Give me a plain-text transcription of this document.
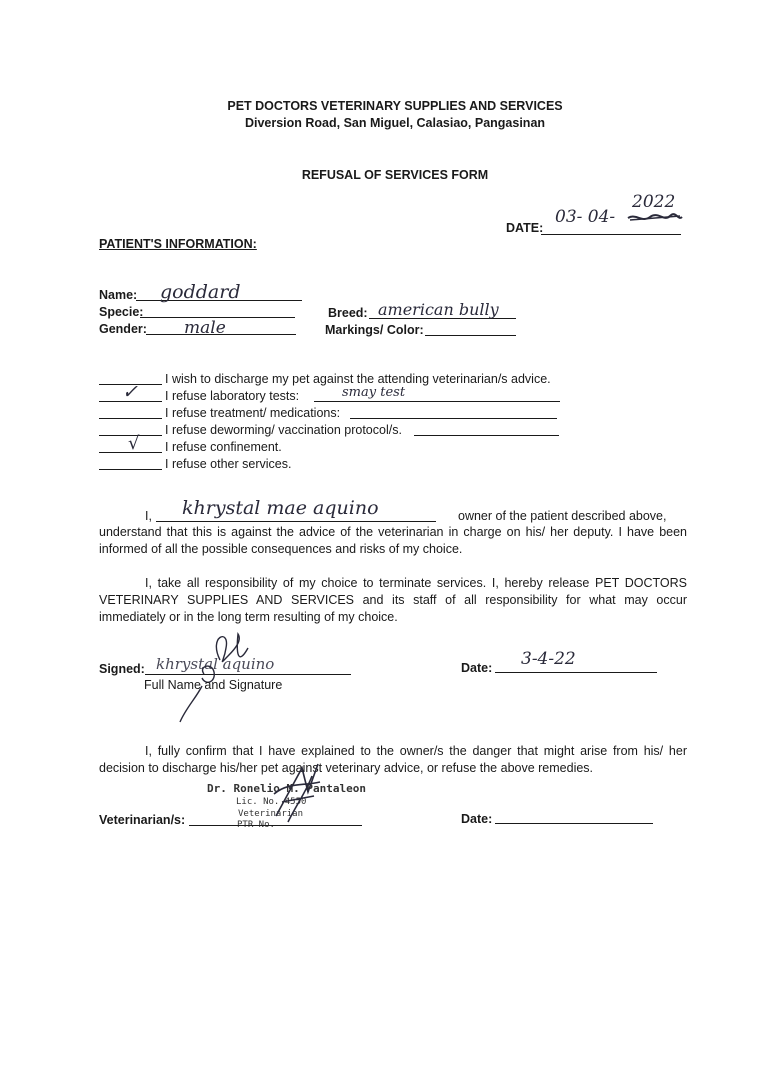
PET DOCTORS VETERINARY SUPPLIES AND SERVICES
Diversion Road, San Miguel, Calasiao, Pangasinan
REFUSAL OF SERVICES FORM
DATE:
03- 04-
2022
PATIENT'S INFORMATION:
Name: goddard
Specie:
Gender: male
Breed: american bully
Markings/ Color:
I wish to discharge my pet against the attending veterinarian/s advice.
✓ I refuse laboratory tests:	smay test
I refuse treatment/ medications:
I refuse deworming/ vaccination protocol/s.
√ I refuse confinement.
I refuse other services.
I, khrystal mae aquino	owner of the patient described above,
understand that this is against the advice of the veterinarian in charge on his/ her deputy. I have been informed of all the possible consequences and risks of my choice.
I, take all responsibility of my choice to terminate services. I, hereby release PET DOCTORS VETERINARY SUPPLIES AND SERVICES and its staff of all responsibility for what may occur immediately or in the long term resulting of my choice.
Signed: khrystal aquino
Full Name and Signature
Date: 3-4-22
I, fully confirm that I have explained to the owner/s the danger that might arise from his/ her decision to discharge his/her pet against veterinary advice, or refuse the above remedies.
Dr. Ronelio M. Pantaleon
Lic. No. 4550
Veterinarian
PTR No.
Veterinarian/s:	Date:
